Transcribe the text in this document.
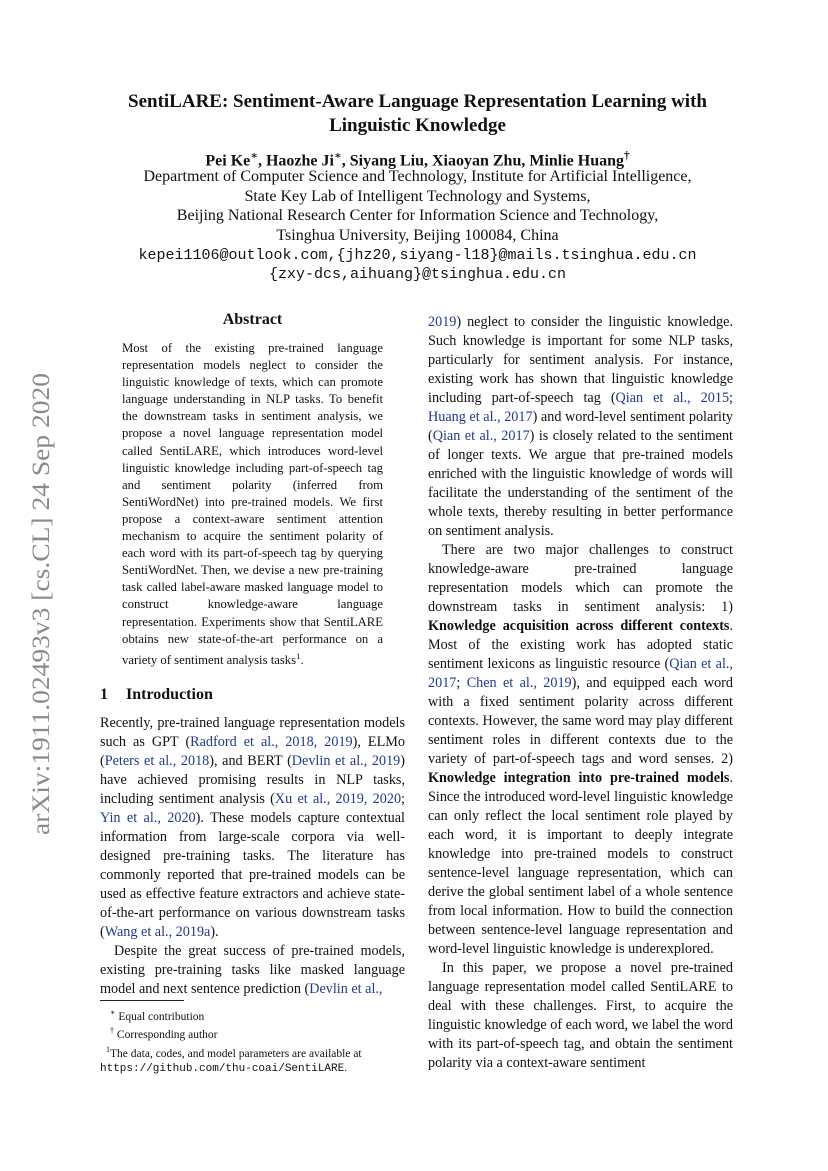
arXiv:1911.02493v3 [cs.CL] 24 Sep 2020
SentiLARE: Sentiment-Aware Language Representation Learning with
Linguistic Knowledge
Pei Ke∗, Haozhe Ji∗, Siyang Liu, Xiaoyan Zhu, Minlie Huang†
Department of Computer Science and Technology, Institute for Artificial Intelligence,
State Key Lab of Intelligent Technology and Systems,
Beijing National Research Center for Information Science and Technology,
Tsinghua University, Beijing 100084, China
kepei1106@outlook.com,{jhz20,siyang-l18}@mails.tsinghua.edu.cn
{zxy-dcs,aihuang}@tsinghua.edu.cn
Abstract
Most of the existing pre-trained language representation models neglect to consider the linguistic knowledge of texts, which can promote language understanding in NLP tasks. To benefit the downstream tasks in sentiment analysis, we propose a novel language representation model called SentiLARE, which introduces word-level linguistic knowledge including part-of-speech tag and sentiment polarity (inferred from SentiWordNet) into pre-trained models. We first propose a context-aware sentiment attention mechanism to acquire the sentiment polarity of each word with its part-of-speech tag by querying SentiWordNet. Then, we devise a new pre-training task called label-aware masked language model to construct knowledge-aware language representation. Experiments show that SentiLARE obtains new state-of-the-art performance on a variety of sentiment analysis tasks$^1$.
1 Introduction

Recently, pre-trained language representation models such as GPT (Radford et al., 2018, 2019), ELMo (Peters et al., 2018), and BERT (Devlin et al., 2019) have achieved promising results in NLP tasks, including sentiment analysis (Xu et al., 2019, 2020; Yin et al., 2020). These models capture contextual information from large-scale corpora via well-designed pre-training tasks. The literature has commonly reported that pre-trained models can be used as effective feature extractors and achieve state-of-the-art performance on various downstream tasks (Wang et al., 2019a).

Despite the great success of pre-trained models, existing pre-training tasks like masked language model and next sentence prediction (Devlin et al.,

∗ Equal contribution
† Corresponding author
$^1$The data, codes, and model parameters are available at
https://github.com/thu-coai/SentiLARE.

2019) neglect to consider the linguistic knowledge. Such knowledge is important for some NLP tasks, particularly for sentiment analysis. For instance, existing work has shown that linguistic knowledge including part-of-speech tag (Qian et al., 2015; Huang et al., 2017) and word-level sentiment polarity (Qian et al., 2017) is closely related to the sentiment of longer texts. We argue that pre-trained models enriched with the linguistic knowledge of words will facilitate the understanding of the sentiment of the whole texts, thereby resulting in better performance on sentiment analysis.

There are two major challenges to construct knowledge-aware pre-trained language representation models which can promote the downstream tasks in sentiment analysis: 1) Knowledge acquisition across different contexts. Most of the existing work has adopted static sentiment lexicons as linguistic resource (Qian et al., 2017; Chen et al., 2019), and equipped each word with a fixed sentiment polarity across different contexts. However, the same word may play different sentiment roles in different contexts due to the variety of part-of-speech tags and word senses. 2) Knowledge integration into pre-trained models. Since the introduced word-level linguistic knowledge can only reflect the local sentiment role played by each word, it is important to deeply integrate knowledge into pre-trained models to construct sentence-level language representation, which can derive the global sentiment label of a whole sentence from local information. How to build the connection between sentence-level language representation and word-level linguistic knowledge is underexplored.

In this paper, we propose a novel pre-trained language representation model called SentiLARE to deal with these challenges. First, to acquire the linguistic knowledge of each word, we label the word with its part-of-speech tag, and obtain the sentiment polarity via a context-aware sentiment
